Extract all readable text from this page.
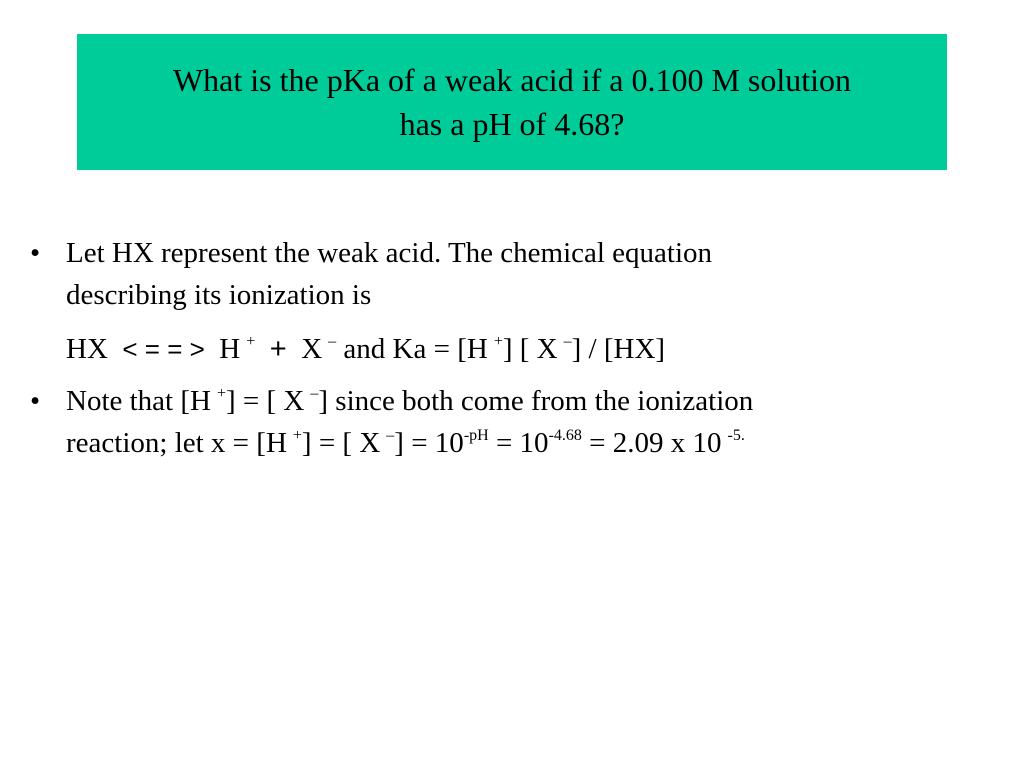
What is the pKa of a weak acid if a 0.100 M solution
has a pH of 4.68?
• Let HX represent the weak acid. The chemical equation
describing its ionization is
HX < = = > H + + X – and Ka = [H +] [ X –] / [HX]
• Note that [H +] = [ X –] since both come from the ionization
reaction; let x = [H +] = [ X $^-] = 10^{-pH} = 10^{-4.68} = 2.09$ x 10 $^{-5.}$
